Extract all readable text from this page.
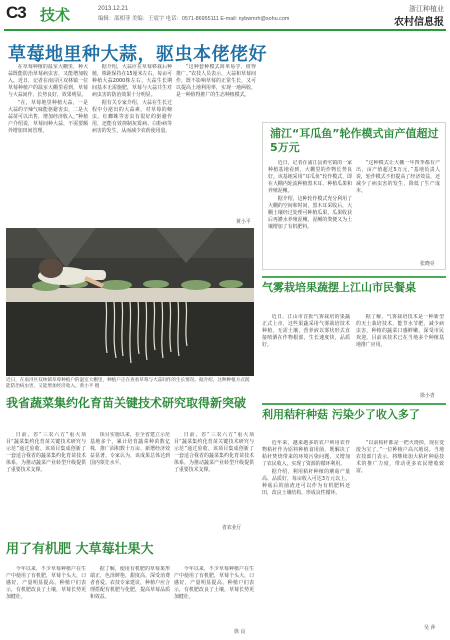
C3 技术	2013.12.21
编辑：邵相菲 美编：王震宇 电话：0571-86955111 E-mail: nybwmrh@sohu.com
浙江种植业
农村信息报
草莓地里种大蒜，驱虫本佬佬好

在草莓种植的温室大棚里，种大蒜既能防治草莓病虫害，又能增加收入。近日，记者在南浔区双林镇一位草莓种植户的温室大棚里看到，草莓与大蒜间作，长势良好，效果明显。

“在，草莓地里种植大蒜，一是大蒜的辛辣气味能驱避害虫，二是大蒜苗可以出售，增加经济收入。”种植户介绍说，草莓间种大蒜，不需要额外增加田间管理。

据介绍，大蒜应在草莓移栽后种植，株距保持在15厘米左右，每亩可种植大蒜2000株左右。大蒜生长期间基本无需施肥，草莓与大蒜共生对病虫害的防治效果十分明显。

据有关专家介绍，大蒜在生长过程中分泌出的大蒜素，对草莓的蚜虫、红蜘蛛等害虫有很好的驱避作用，还能有效抑制灰霉病、白粉病等病害的发生，从而减少农药使用量。

“这种套种模式简单易学，值得推广。”农技人员表示，大蒜和草莓间作，既不影响草莓的正常生长，又可以提高土地利用率，实现一地两收，是一种值得推广的生态种植模式。

黄小平
近日，在南浔区双林镇草莓种植户的温室大棚里，种植户正在查看草莓与大蒜间作的生长情况。据介绍，这种种植方式既能防治病虫害，又能增加经济收入。黄小平 摄
浦江“耳瓜鱼”轮作模式亩产值超过5万元

近日，记者在浦江县黄宅镇的一家种植基地看到，大棚里的作物长势良好。该基地采用“耳瓜鱼”轮作模式，即在大棚内轮流种植黑木耳、种植瓜果和养殖泥鳅。

据介绍，这种轮作模式充分利用了大棚的空间和时间，黑木耳采收后，大棚土壤经过处理可种植瓜果，瓜果收获后再灌水养殖泥鳅，泥鳅的粪便又为土壤增加了有机肥料。

“这种模式让大棚一年四季都有产出，亩产值超过5万元。”基地负责人说，轮作模式不但提高了经济效益，还减少了病虫害的发生，降低了生产成本。

张晓亮
气雾栽培果蔬摆上江山市民餐桌

近日，江山市首批气雾栽培的果蔬正式上市，这些果蔬采用气雾栽培技术种植，无需土壤，营养液以雾状形式直接喷洒在作物根部，生长速度快，品质好。

据了解，气雾栽培技术是一种新型的无土栽培技术，能节水节肥，减少病虫害，种植的蔬菜口感鲜嫩，深受市民欢迎。目前该技术已在当地多个种植基地推广应用。

徐小青
利用秸秆种菇 污染少了收入多了

近年来，越来越多的农户利用农作物秸秆作为原料种植食用菌，既解决了秸秆焚烧带来的环境污染问题，又增加了农民收入，实现了资源的循环利用。

据介绍，利用秸秆种植的蘑菇产量高、品质好，每亩收入可达3万元以上。种菇后的菌渣还可以作为有机肥料还田，改良土壤结构，形成良性循环。

“以前秸秆都是一把火烧掉，现在变废为宝了。”一位种植户高兴地说。当地农技部门表示，将继续加大秸秆种菇技术的推广力度，带动更多农民增收致富。

吴 萍
我省蔬菜集约化育苗关键技术研究取得新突破

日前，省“三农六方”重大项目“蔬菜集约化育苗关键技术研究与示范”通过验收。该项目集成创新了一套适合我省的蔬菜集约化育苗技术体系，为推动蔬菜产业转型升级提供了重要技术支撑。

项目实施以来，在全省建立示范基地多个，累计培育蔬菜种苗数亿株，推广面积数十万亩，新增经济效益显著。专家认为，该成果总体达到国内领先水平。

日前，省“三农六方”重大项目“蔬菜集约化育苗关键技术研究与示范”通过验收。该项目集成创新了一套适合我省的蔬菜集约化育苗技术体系，为推动蔬菜产业转型升级提供了重要技术支撑。

省农业厅
用了有机肥 大草莓壮果大

今年以来，不少草莓种植户在生产中使用了有机肥，草莓个头大，口感好，产量明显提高。种植户们表示，有机肥改良了土壤，草莓长势更加健壮。

据了解，使用有机肥的草莓果形端正，色泽鲜艳，甜度高，深受消费者喜爱。农技专家建议，种植户应合理搭配有机肥与化肥，提高草莓品质和效益。

今年以来，不少草莓种植户在生产中使用了有机肥，草莓个头大，口感好，产量明显提高。种植户们表示，有机肥改良了土壤，草莓长势更加健壮。

徐 良
